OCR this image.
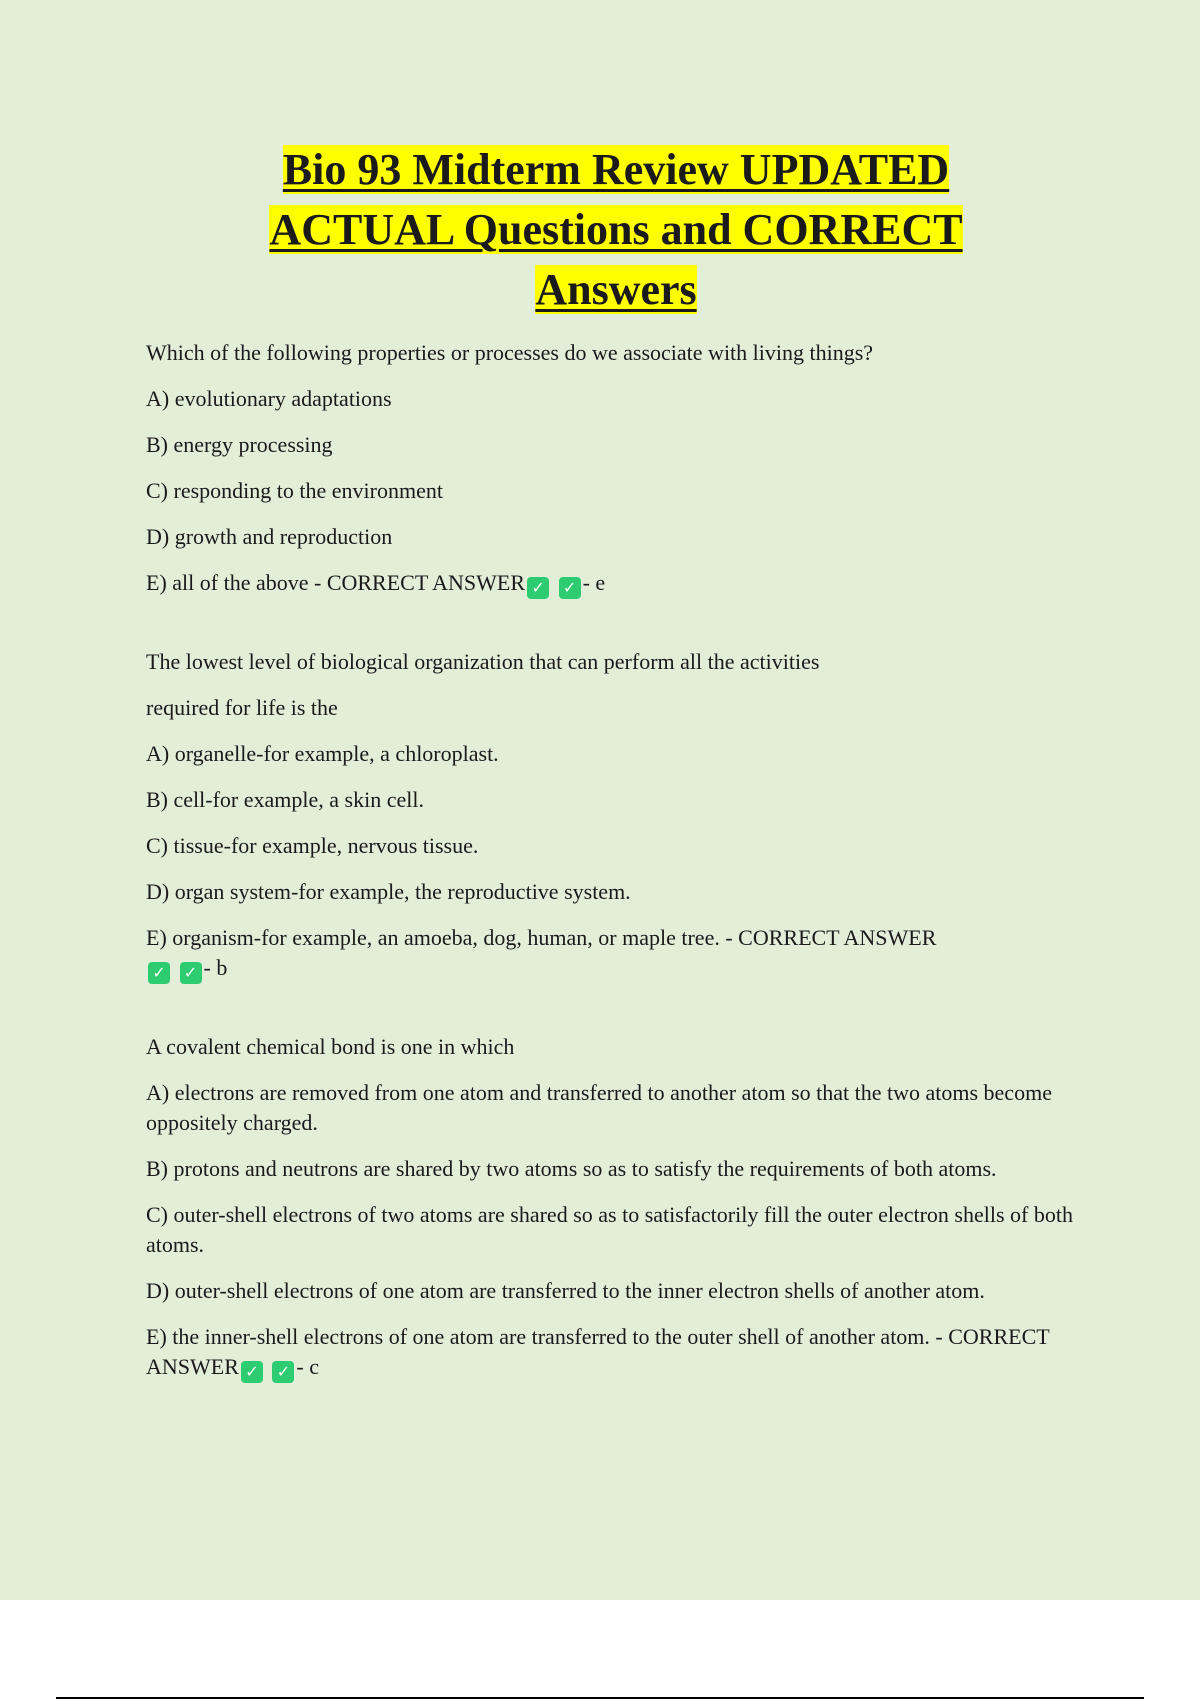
Bio 93 Midterm Review UPDATED
ACTUAL Questions and CORRECT
Answers

Which of the following properties or processes do we associate with living things?

A) evolutionary adaptations

B) energy processing

C) responding to the environment

D) growth and reproduction

E) all of the above - CORRECT ANSWER ✓ ✓ - e

The lowest level of biological organization that can perform all the activities

required for life is the

A) organelle-for example, a chloroplast.

B) cell-for example, a skin cell.

C) tissue-for example, nervous tissue.

D) organ system-for example, the reproductive system.

E) organism-for example, an amoeba, dog, human, or maple tree. - CORRECT ANSWER✓ ✓ - b

A covalent chemical bond is one in which

A) electrons are removed from one atom and transferred to another atom so that the two atoms become oppositely charged.

B) protons and neutrons are shared by two atoms so as to satisfy the requirements of both atoms.

C) outer-shell electrons of two atoms are shared so as to satisfactorily fill the outer electron shells of both atoms.

D) outer-shell electrons of one atom are transferred to the inner electron shells of another atom.

E) the inner-shell electrons of one atom are transferred to the outer shell of another atom. - CORRECT ANSWER ✓ ✓ - c
